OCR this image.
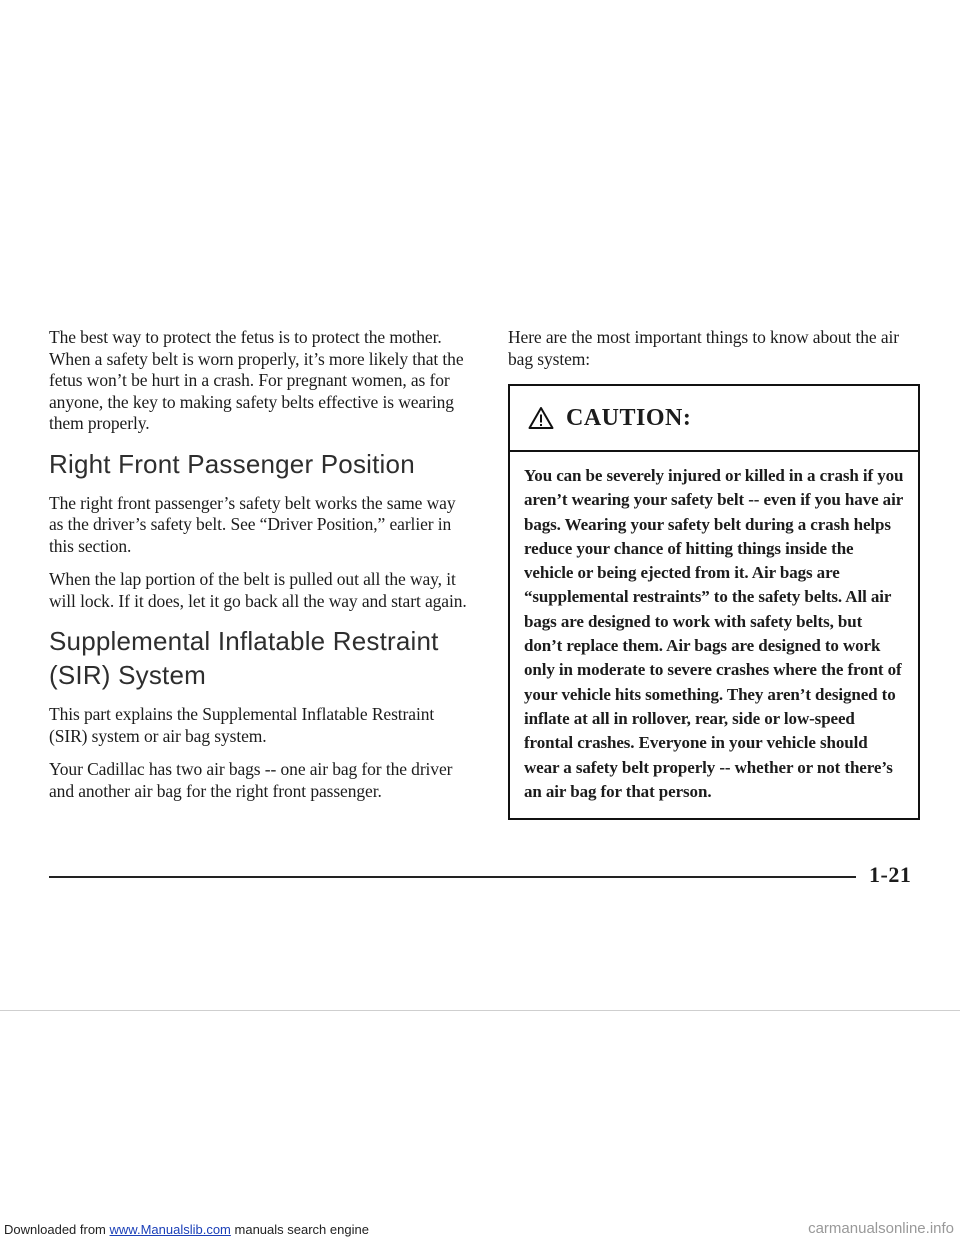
The best way to protect the fetus is to protect the mother. When a safety belt is worn properly, it’s more likely that the fetus won’t be hurt in a crash. For pregnant women, as for anyone, the key to making safety belts effective is wearing them properly.

Right Front Passenger Position

The right front passenger’s safety belt works the same way as the driver’s safety belt. See “Driver Position,” earlier in this section.

When the lap portion of the belt is pulled out all the way, it will lock. If it does, let it go back all the way and start again.

Supplemental Inflatable Restraint (SIR) System

This part explains the Supplemental Inflatable Restraint (SIR) system or air bag system.

Your Cadillac has two air bags -- one air bag for the driver and another air bag for the right front passenger.

Here are the most important things to know about the air bag system:

CAUTION:
You can be severely injured or killed in a crash if you aren’t wearing your safety belt -- even if you have air bags. Wearing your safety belt during a crash helps reduce your chance of hitting things inside the vehicle or being ejected from it. Air bags are “supplemental restraints” to the safety belts. All air bags are designed to work with safety belts, but don’t replace them. Air bags are designed to work only in moderate to severe crashes where the front of your vehicle hits something. They aren’t designed to inflate at all in rollover, rear, side or low-speed frontal crashes. Everyone in your vehicle should wear a safety belt properly -- whether or not there’s an air bag for that person.
1-21
Downloaded from www.Manualslib.com manuals search engine	carmanualsonline.info
